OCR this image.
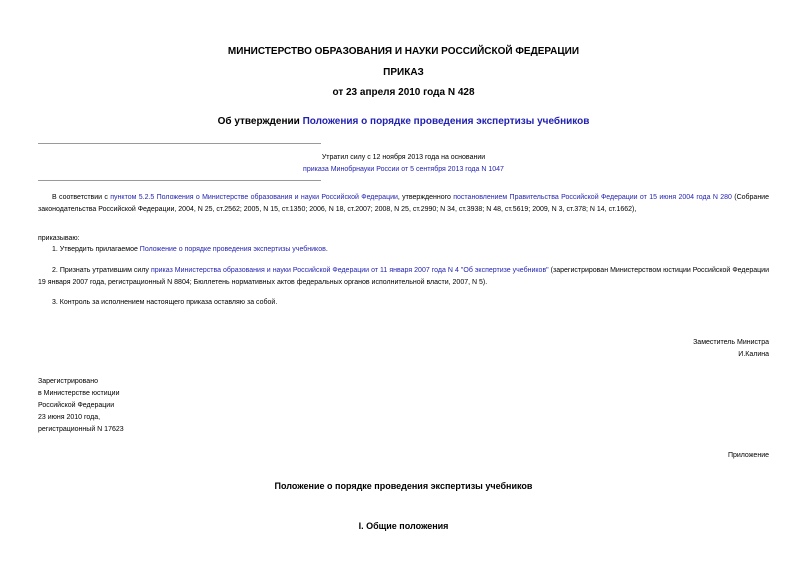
МИНИСТЕРСТВО ОБРАЗОВАНИЯ И НАУКИ РОССИЙСКОЙ ФЕДЕРАЦИИ
ПРИКАЗ
от 23 апреля 2010 года N 428
Об утверждении Положения о порядке проведения экспертизы учебников
Утратил силу с 12 ноября 2013 года на основании
приказа Минобрнауки России от 5 сентября 2013 года N 1047
В соответствии с пунктом 5.2.5 Положения о Министерстве образования и науки Российской Федерации, утвержденного постановлением Правительства Российской Федерации от 15 июня 2004 года N 280 (Собрание законодательства Российской Федерации, 2004, N 25, ст.2562; 2005, N 15, ст.1350; 2006, N 18, ст.2007; 2008, N 25, ст.2990; N 34, ст.3938; N 48, ст.5619; 2009, N 3, ст.378; N 14, ст.1662),
приказываю:
1. Утвердить прилагаемое Положение о порядке проведения экспертизы учебников.
2. Признать утратившим силу приказ Министерства образования и науки Российской Федерации от 11 января 2007 года N 4 "Об экспертизе учебников" (зарегистрирован Министерством юстиции Российской Федерации 19 января 2007 года, регистрационный N 8804; Бюллетень нормативных актов федеральных органов исполнительной власти, 2007, N 5).
3. Контроль за исполнением настоящего приказа оставляю за собой.
Заместитель Министра
И.Калина
Зарегистрировано
в Министерстве юстиции
Российской Федерации
23 июня 2010 года,
регистрационный N 17623
Приложение
Положение о порядке проведения экспертизы учебников
I. Общие положения
